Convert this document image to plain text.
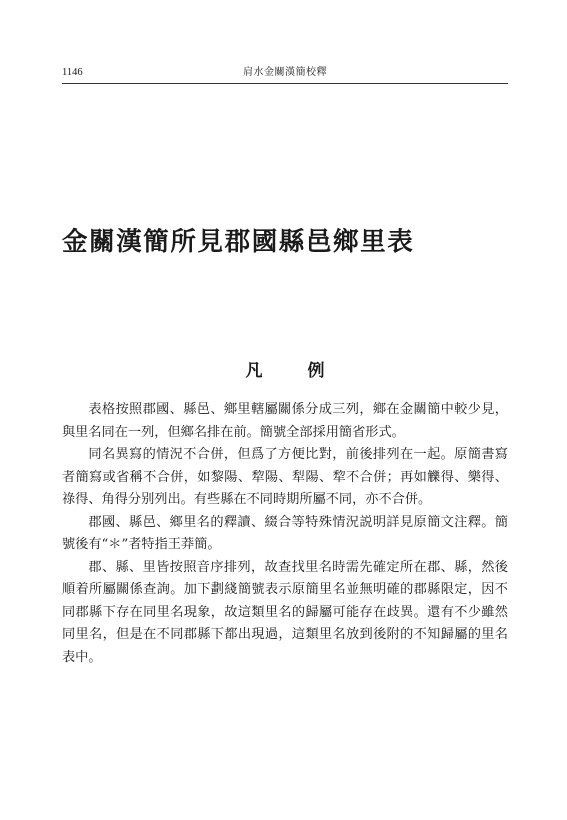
1146	肩水金關漢簡校釋
金關漢簡所見郡國縣邑鄉里表
凡　例

表格按照郡國、縣邑、鄉里轄屬關係分成三列，鄉在金關簡中較少見，與里名同在一列，但鄉名排在前。簡號全部採用簡省形式。

同名異寫的情況不合併，但爲了方便比對，前後排列在一起。原簡書寫者簡寫或省稱不合併，如黎陽、犂陽、犁陽、犂不合併；再如觻得、樂得、祿得、角得分别列出。有些縣在不同時期所屬不同，亦不合併。

郡國、縣邑、鄉里名的釋讀、綴合等特殊情況説明詳見原簡文注釋。簡號後有“＊”者特指王莽簡。

郡、縣、里皆按照音序排列，故查找里名時需先確定所在郡、縣，然後順着所屬關係查詢。加下劃綫簡號表示原簡里名並無明確的郡縣限定，因不同郡縣下存在同里名現象，故這類里名的歸屬可能存在歧異。還有不少雖然同里名，但是在不同郡縣下都出現過，這類里名放到後附的不知歸屬的里名表中。
